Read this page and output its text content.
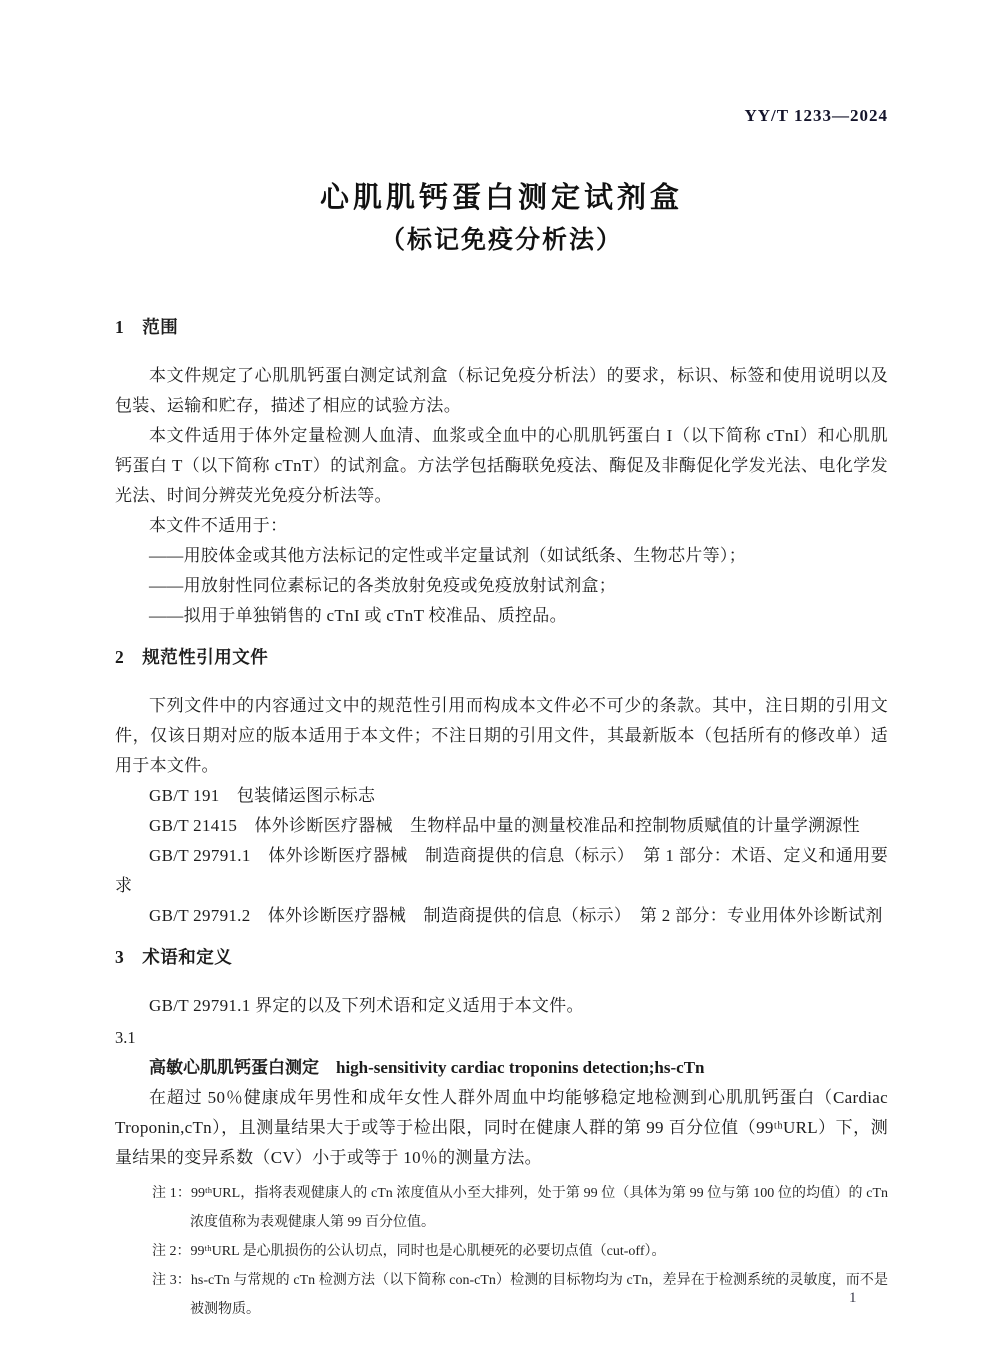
YY/T 1233—2024
心肌肌钙蛋白测定试剂盒
（标记免疫分析法）
1　范围

本文件规定了心肌肌钙蛋白测定试剂盒（标记免疫分析法）的要求，标识、标签和使用说明以及包装、运输和贮存，描述了相应的试验方法。

本文件适用于体外定量检测人血清、血浆或全血中的心肌肌钙蛋白 I（以下简称 cTnI）和心肌肌钙蛋白 T（以下简称 cTnT）的试剂盒。方法学包括酶联免疫法、酶促及非酶促化学发光法、电化学发光法、时间分辨荧光免疫分析法等。

本文件不适用于：

——用胶体金或其他方法标记的定性或半定量试剂（如试纸条、生物芯片等）；

——用放射性同位素标记的各类放射免疫或免疫放射试剂盒；

——拟用于单独销售的 cTnI 或 cTnT 校准品、质控品。

2　规范性引用文件

下列文件中的内容通过文中的规范性引用而构成本文件必不可少的条款。其中，注日期的引用文件，仅该日期对应的版本适用于本文件；不注日期的引用文件，其最新版本（包括所有的修改单）适用于本文件。

GB/T 191　包装储运图示标志

GB/T 21415　体外诊断医疗器械　生物样品中量的测量校准品和控制物质赋值的计量学溯源性

GB/T 29791.1　体外诊断医疗器械　制造商提供的信息（标示）　第 1 部分：术语、定义和通用要求

GB/T 29791.2　体外诊断医疗器械　制造商提供的信息（标示）　第 2 部分：专业用体外诊断试剂

3　术语和定义

GB/T 29791.1 界定的以及下列术语和定义适用于本文件。

3.1

高敏心肌肌钙蛋白测定　high-sensitivity cardiac troponins detection;hs-cTn

在超过 50％健康成年男性和成年女性人群外周血中均能够稳定地检测到心肌肌钙蛋白（Cardiac Troponin,cTn），且测量结果大于或等于检出限，同时在健康人群的第 99 百分位值（99ᵗʰURL）下，测量结果的变异系数（CV）小于或等于 10％的测量方法。

注 1：99ᵗʰURL，指将表观健康人的 cTn 浓度值从小至大排列，处于第 99 位（具体为第 99 位与第 100 位的均值）的 cTn 浓度值称为表观健康人第 99 百分位值。

注 2：99ᵗʰURL 是心肌损伤的公认切点，同时也是心肌梗死的必要切点值（cut-off）。

注 3：hs-cTn 与常规的 cTn 检测方法（以下简称 con-cTn）检测的目标物均为 cTn，差异在于检测系统的灵敏度，而不是被测物质。

1
